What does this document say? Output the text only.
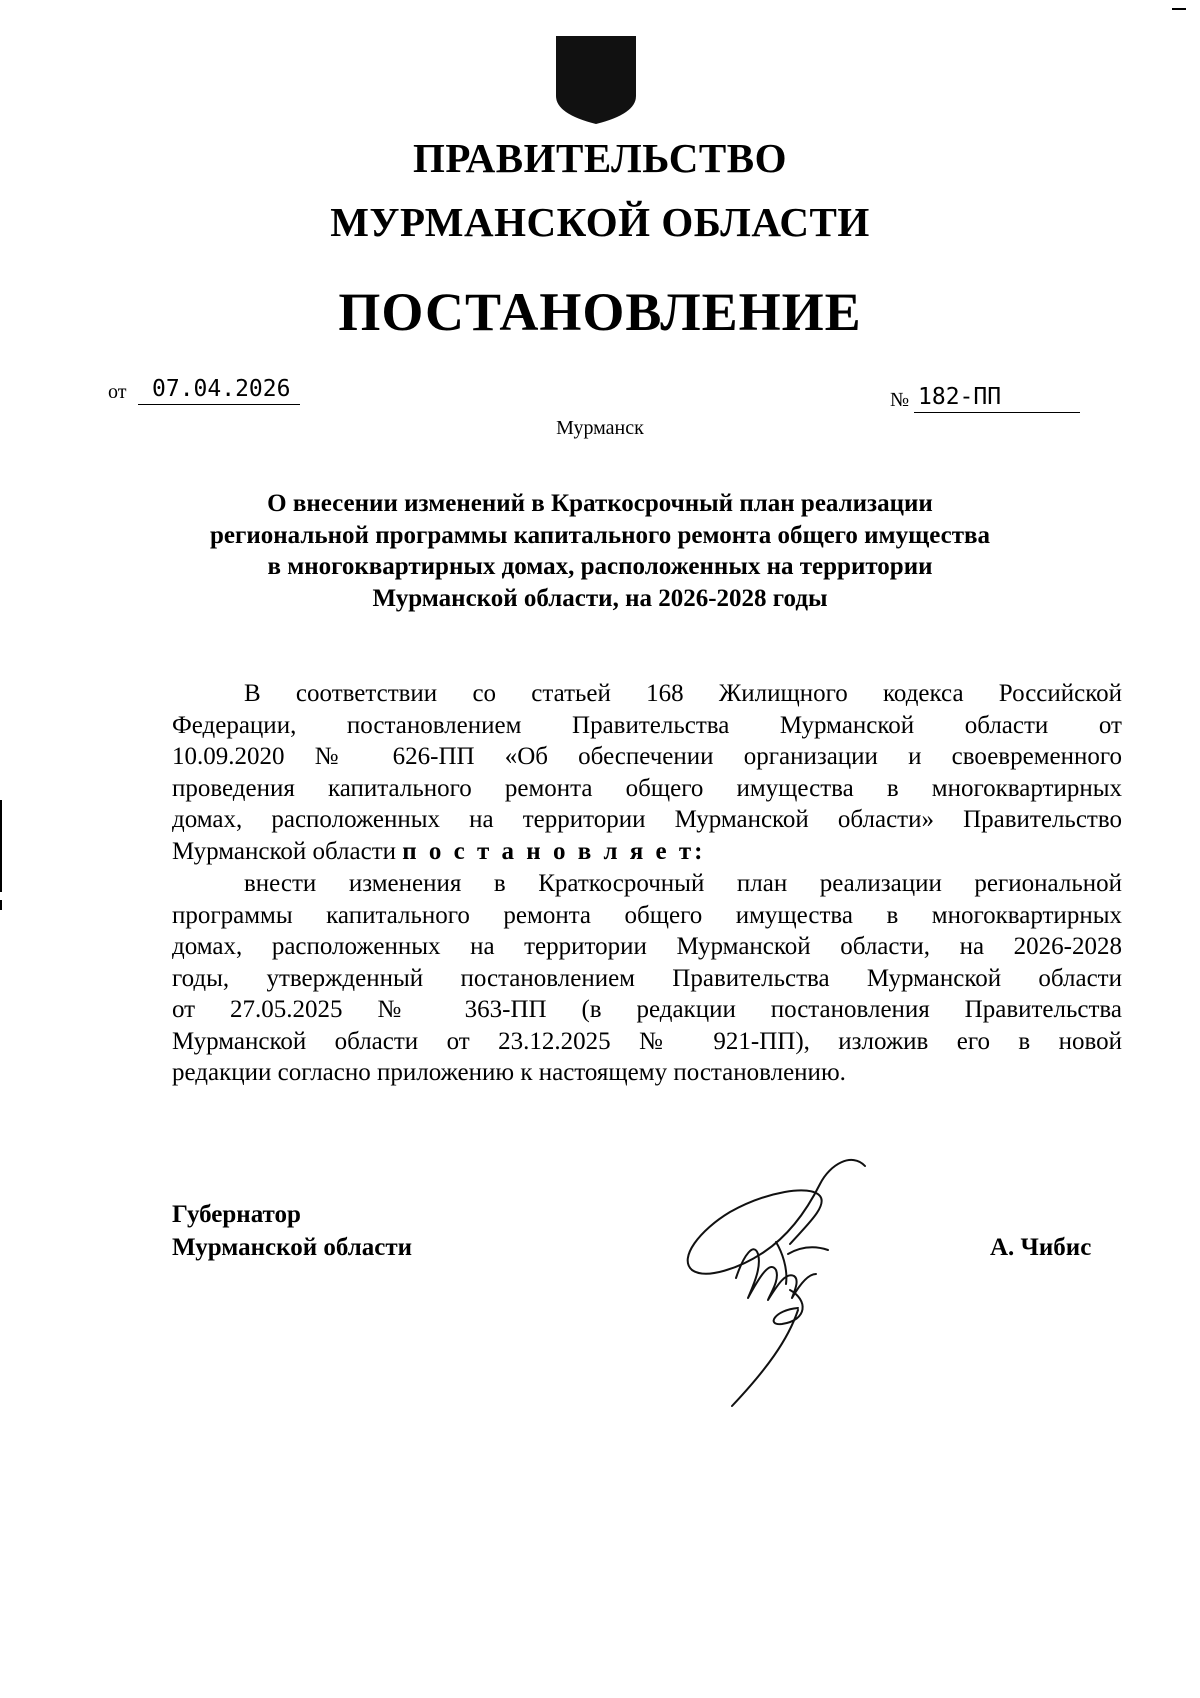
ПРАВИТЕЛЬСТВО
МУРМАНСКОЙ ОБЛАСТИ
ПОСТАНОВЛЕНИЕ
от	07.04.2026	№ 182-ПП
Мурманск
О внесении изменений в Краткосрочный план реализации
региональной программы капитального ремонта общего имущества
в многоквартирных домах, расположенных на территории
Мурманской области, на 2026-2028 годы
В соответствии со статьей 168 Жилищного кодекса Российской
Федерации, постановлением Правительства Мурманской области от
10.09.2020 № 626-ПП «Об обеспечении организации и своевременного
проведения капитального ремонта общего имущества в многоквартирных
домах, расположенных на территории Мурманской области» Правительство
Мурманской области п о с т а н о в л я е т:
внести изменения в Краткосрочный план реализации региональной
программы капитального ремонта общего имущества в многоквартирных
домах, расположенных на территории Мурманской области, на 2026-2028
годы, утвержденный постановлением Правительства Мурманской области
от 27.05.2025 № 363-ПП (в редакции постановления Правительства
Мурманской области от 23.12.2025 № 921-ПП), изложив его в новой
редакции согласно приложению к настоящему постановлению.
Губернатор
Мурманской области	А. Чибис
